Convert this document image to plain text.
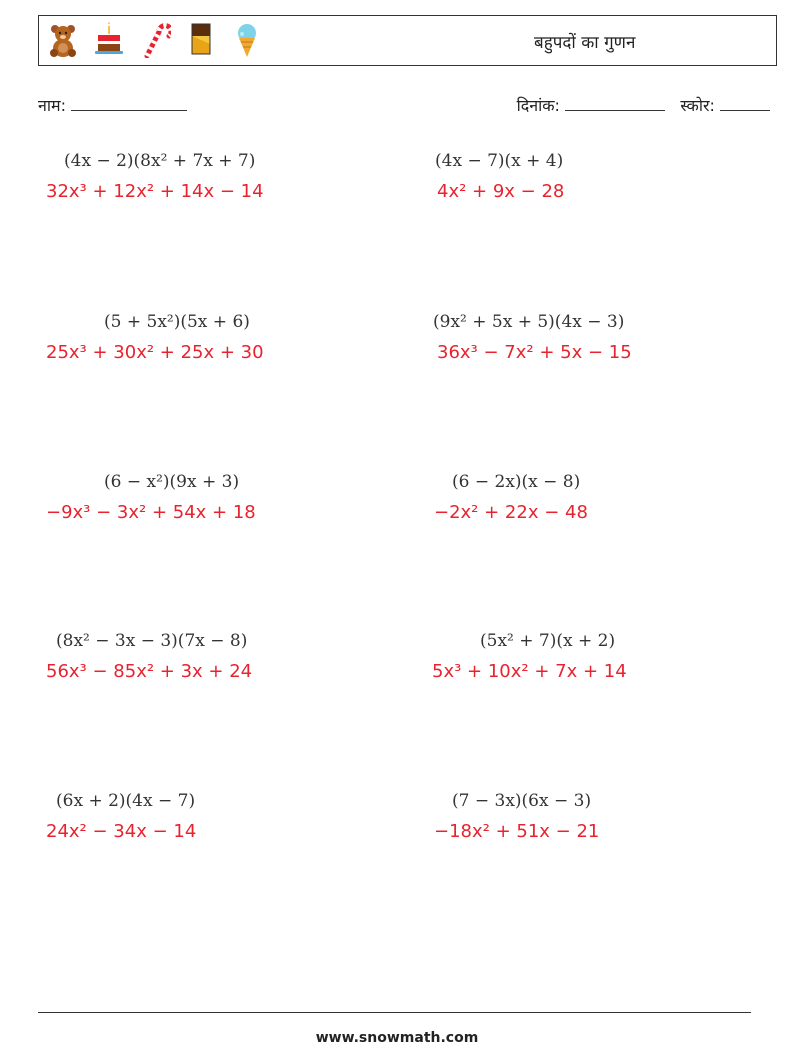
बहुपदों का गुणन
नाम:	दिनांक:	स्कोर:
(4x − 2)(8x² + 7x + 7)
32x³ + 12x² + 14x − 14
(4x − 7)(x + 4)
4x² + 9x − 28
(5 + 5x²)(5x + 6)
25x³ + 30x² + 25x + 30
(9x² + 5x + 5)(4x − 3)
36x³ − 7x² + 5x − 15
(6 − x²)(9x + 3)
−9x³ − 3x² + 54x + 18
(6 − 2x)(x − 8)
−2x² + 22x − 48
(8x² − 3x − 3)(7x − 8)
56x³ − 85x² + 3x + 24
(5x² + 7)(x + 2)
5x³ + 10x² + 7x + 14
(6x + 2)(4x − 7)
24x² − 34x − 14
(7 − 3x)(6x − 3)
−18x² + 51x − 21
www.snowmath.com
